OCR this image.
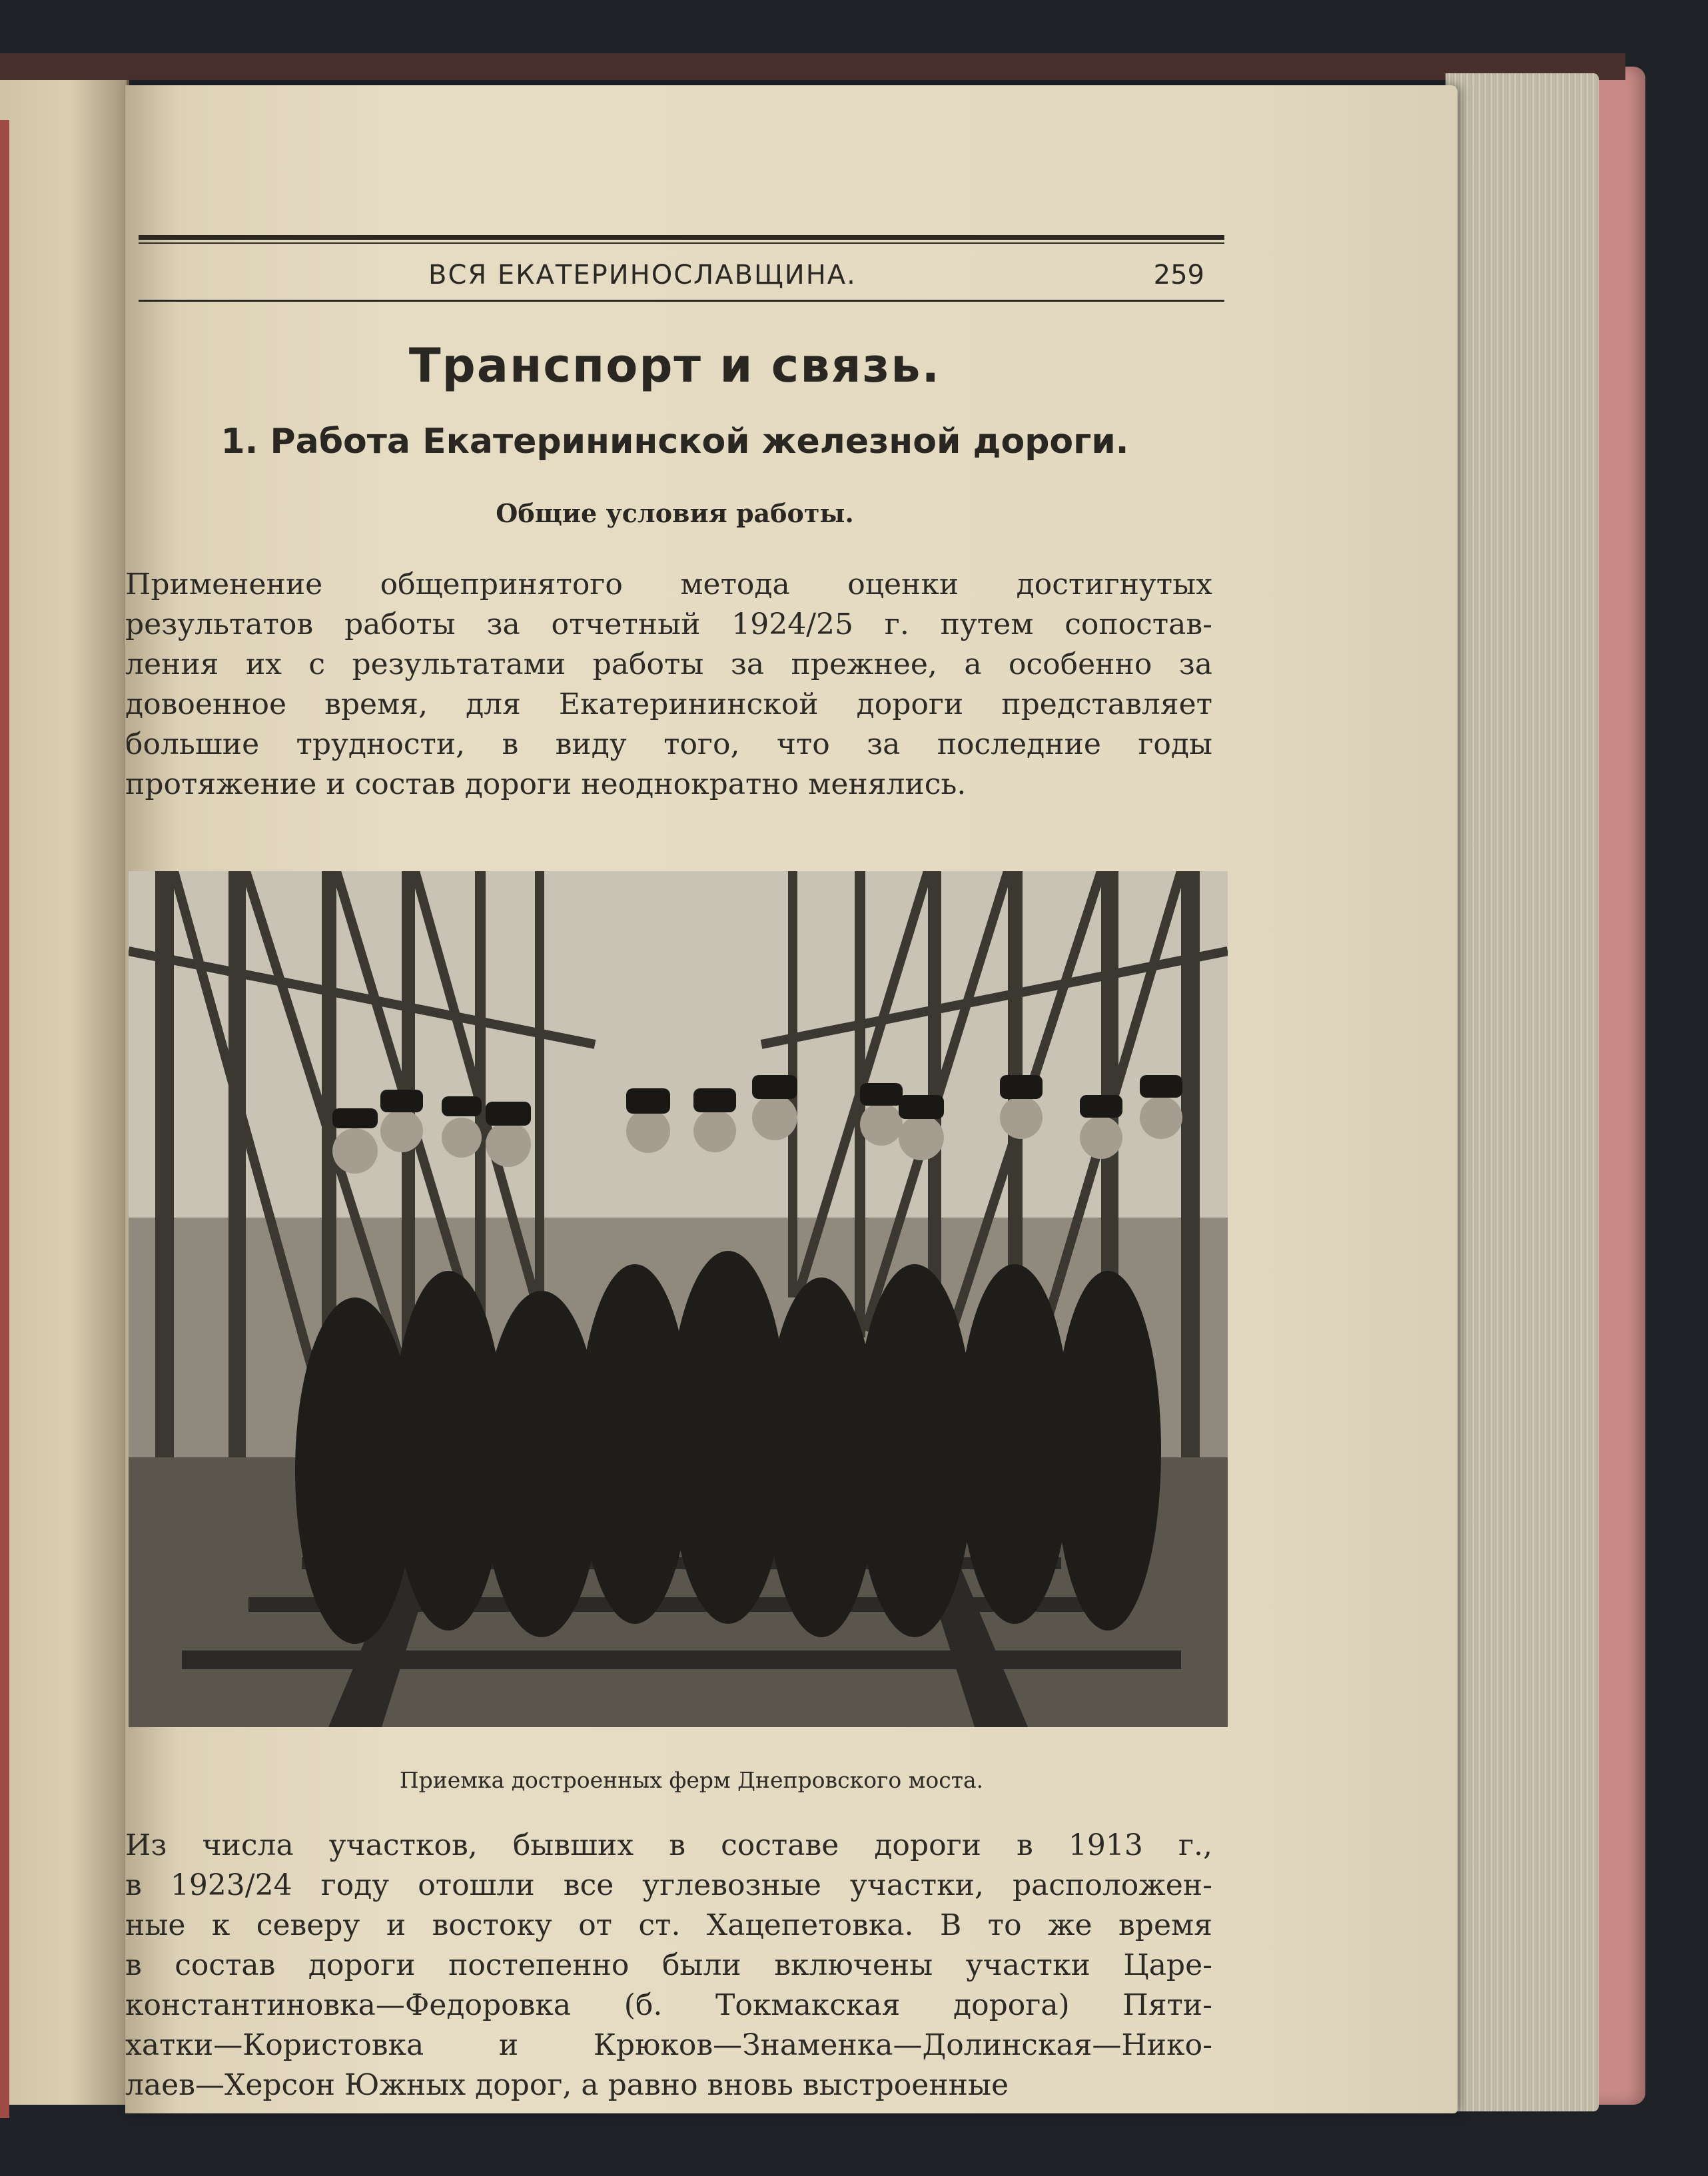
ВСЯ ЕКАТЕРИНОСЛАВЩИНА.	259
Транспорт и связь.
1. Работа Екатерининской железной дороги.
Общие условия работы.
Применение общепринятого метода оценки достигнутых
результатов работы за отчетный 1924/25 г. путем сопостав-
ления их с результатами работы за прежнее, а особенно за
довоенное время, для Екатерининской дороги представляет
большие трудности, в виду того, что за последние годы
протяжение и состав дороги неоднократно менялись.
Приемка достроенных ферм Днепровского моста.
Из числа участков, бывших в составе дороги в 1913 г.,
в 1923/24 году отошли все углевозные участки, расположен-
ные к северу и востоку от ст. Хацепетовка. В то же время
в состав дороги постепенно были включены участки Царе-
константиновка—Федоровка (б. Токмакская дорога) Пяти-
хатки—Користовка и Крюков—Знаменка—Долинская—Нико-
лаев—Херсон Южных дорог, а равно вновь выстроенные
